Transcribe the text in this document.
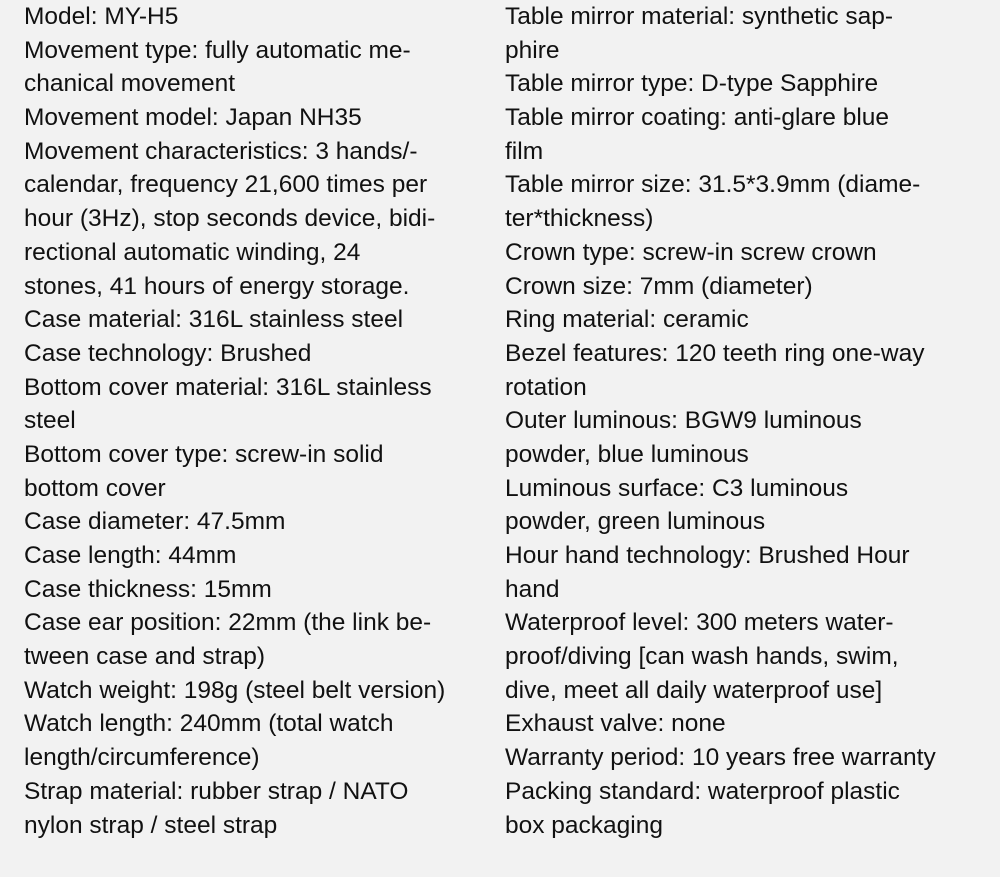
Model: MY-H5
Movement type: fully automatic me-
chanical movement
Movement model: Japan NH35
Movement characteristics: 3 hands/-
calendar, frequency 21,600 times per
hour (3Hz), stop seconds device, bidi-
rectional automatic winding, 24
stones, 41 hours of energy storage.
Case material: 316L stainless steel
Case technology: Brushed
Bottom cover material: 316L stainless
steel
Bottom cover type: screw-in solid
bottom cover
Case diameter: 47.5mm
Case length: 44mm
Case thickness: 15mm
Case ear position: 22mm (the link be-
tween case and strap)
Watch weight: 198g (steel belt version)
Watch length: 240mm (total watch
length/circumference)
Strap material: rubber strap / NATO
nylon strap / steel strap
Table mirror material: synthetic sap-
phire
Table mirror type: D-type Sapphire
Table mirror coating: anti-glare blue
film
Table mirror size: 31.5*3.9mm (diame-
ter*thickness)
Crown type: screw-in screw crown
Crown size: 7mm (diameter)
Ring material: ceramic
Bezel features: 120 teeth ring one-way
rotation
Outer luminous: BGW9 luminous
powder, blue luminous
Luminous surface: C3 luminous
powder, green luminous
Hour hand technology: Brushed Hour
hand
Waterproof level: 300 meters water-
proof/diving [can wash hands, swim,
dive, meet all daily waterproof use]
Exhaust valve: none
Warranty period: 10 years free warranty
Packing standard: waterproof plastic
box packaging
